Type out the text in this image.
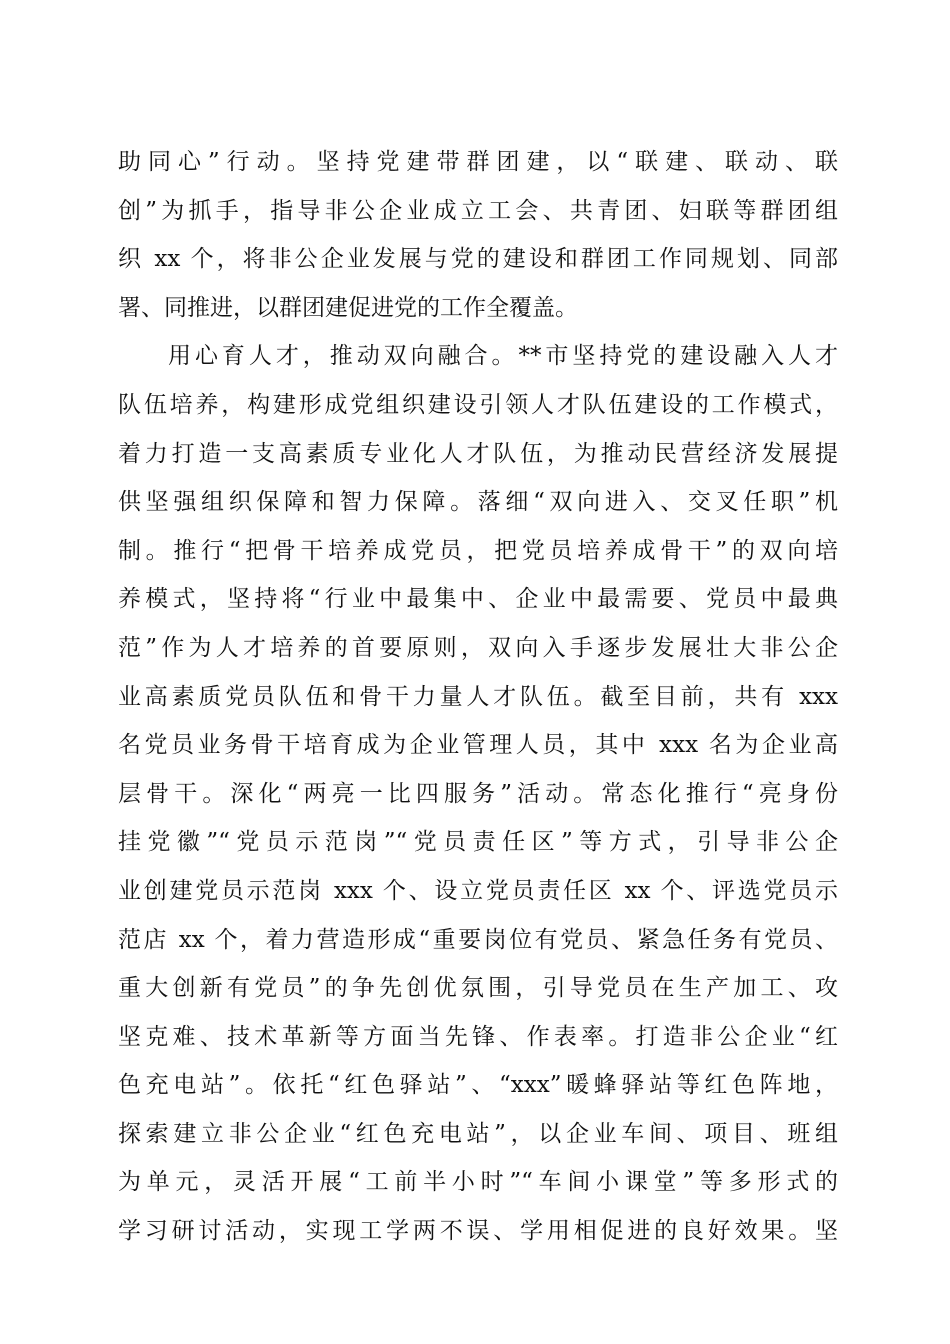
助同心”行动。坚持党建带群团建，以“联建、联动、联
创”为抓手，指导非公企业成立工会、共青团、妇联等群团组
织 xx 个，将非公企业发展与党的建设和群团工作同规划、同部
署、同推进，以群团建促进党的工作全覆盖。
用心育人才，推动双向融合。**市坚持党的建设融入人才
队伍培养，构建形成党组织建设引领人才队伍建设的工作模式，
着力打造一支高素质专业化人才队伍，为推动民营经济发展提
供坚强组织保障和智力保障。落细“双向进入、交叉任职”机
制。推行“把骨干培养成党员，把党员培养成骨干”的双向培
养模式，坚持将“行业中最集中、企业中最需要、党员中最典
范”作为人才培养的首要原则，双向入手逐步发展壮大非公企
业高素质党员队伍和骨干力量人才队伍。截至目前，共有 xxx
名党员业务骨干培育成为企业管理人员，其中 xxx 名为企业高
层骨干。深化“两亮一比四服务”活动。常态化推行“亮身份
挂党徽”“党员示范岗”“党员责任区”等方式，引导非公企
业创建党员示范岗 xxx 个、设立党员责任区 xx 个、评选党员示
范店 xx 个，着力营造形成“重要岗位有党员、紧急任务有党员、
重大创新有党员”的争先创优氛围，引导党员在生产加工、攻
坚克难、技术革新等方面当先锋、作表率。打造非公企业“红
色充电站”。依托“红色驿站”、“xxx”暖蜂驿站等红色阵地，
探索建立非公企业“红色充电站”，以企业车间、项目、班组
为单元，灵活开展“工前半小时”“车间小课堂”等多形式的
学习研讨活动，实现工学两不误、学用相促进的良好效果。坚
